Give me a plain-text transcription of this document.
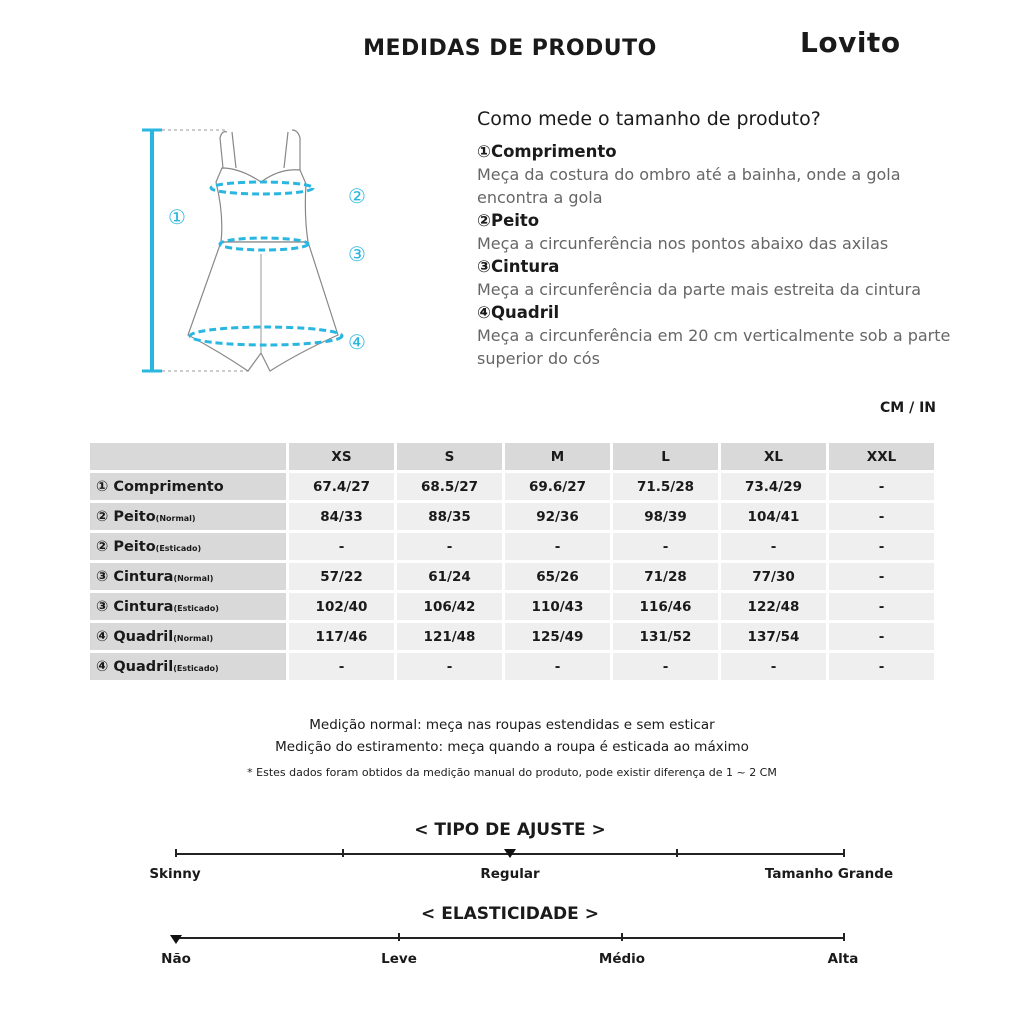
MEDIDAS DE PRODUTO	Lovito
①
②
③
④
Como mede o tamanho de produto?
①Comprimento
Meça da costura do ombro até a bainha, onde a gola
encontra a gola
②Peito
Meça a circunferência nos pontos abaixo das axilas
③Cintura
Meça a circunferência da parte mais estreita da cintura
④Quadril
Meça a circunferência em 20 cm verticalmente sob a parte
superior do cós
CM / IN
	XS	S	M	L	XL	XXL
① Comprimento	67.4/27	68.5/27	69.6/27	71.5/28	73.4/29	-
② Peito(Normal)	84/33	88/35	92/36	98/39	104/41	-
② Peito(Esticado)	-	-	-	-	-	-
③ Cintura(Normal)	57/22	61/24	65/26	71/28	77/30	-
③ Cintura(Esticado)	102/40	106/42	110/43	116/46	122/48	-
④ Quadril(Normal)	117/46	121/48	125/49	131/52	137/54	-
④ Quadril(Esticado)	-	-	-	-	-	-
Medição normal: meça nas roupas estendidas e sem esticar
Medição do estiramento: meça quando a roupa é esticada ao máximo
* Estes dados foram obtidos da medição manual do produto, pode existir diferença de 1 ~ 2 CM
< TIPO DE AJUSTE >
Skinny	Regular	Tamanho Grande
< ELASTICIDADE >
Não	Leve	Médio	Alta
